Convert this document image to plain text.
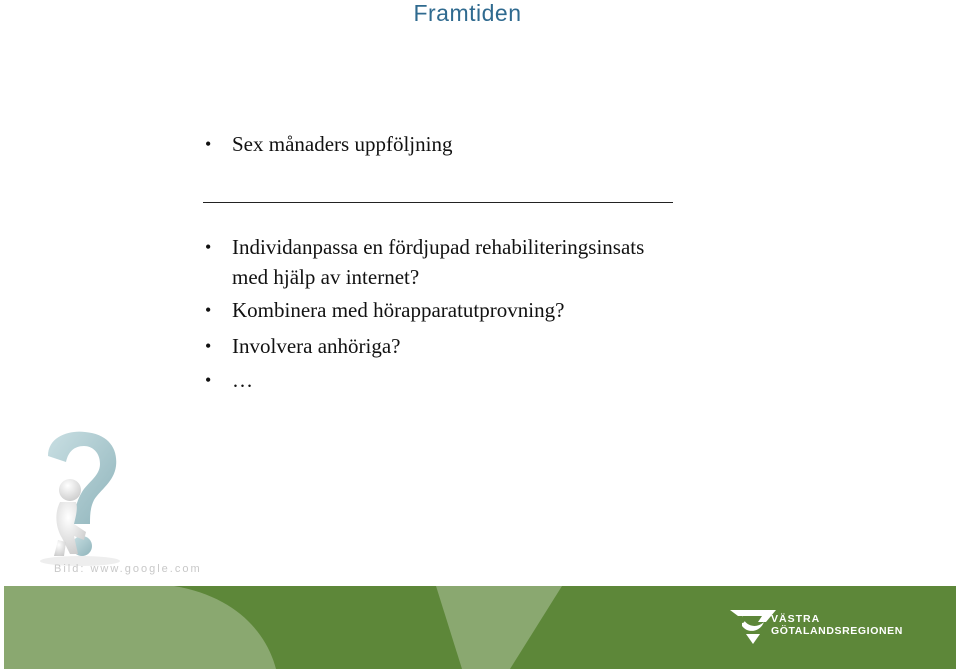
Framtiden
• Sex månaders uppföljning
• Individanpassa en fördjupad rehabiliteringsinsats
med hjälp av internet?
• Kombinera med hörapparatutprovning?
• Involvera anhöriga?
• …
Bild: www.google.com
VÄSTRA
GÖTALANDSREGIONEN
